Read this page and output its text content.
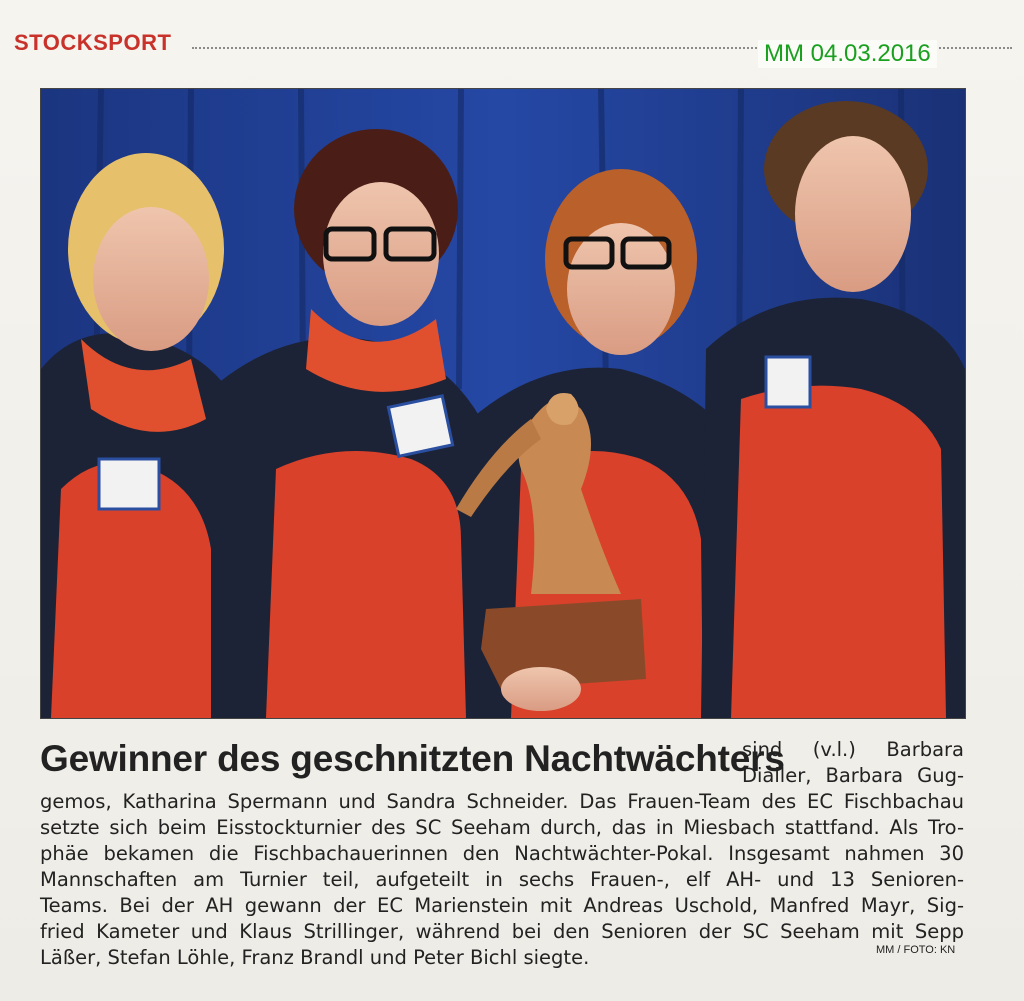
STOCKSPORT	MM 04.03.2016
Gewinner des geschnitzten Nachtwächters
sind (v.l.) Barbara
Dialler, Barbara Gug-
gemos, Katharina Spermann und Sandra Schneider. Das Frauen-Team des EC Fischbachau
setzte sich beim Eisstockturnier des SC Seeham durch, das in Miesbach stattfand. Als Tro-
phäe bekamen die Fischbachauerinnen den Nachtwächter-Pokal. Insgesamt nahmen 30
Mannschaften am Turnier teil, aufgeteilt in sechs Frauen-, elf AH- und 13 Senioren-
Teams. Bei der AH gewann der EC Marienstein mit Andreas Uschold, Manfred Mayr, Sig-
fried Kameter und Klaus Strillinger, während bei den Senioren der SC Seeham mit Sepp
Läßer, Stefan Löhle, Franz Brandl und Peter Bichl siegte.	MM / FOTO: KN
